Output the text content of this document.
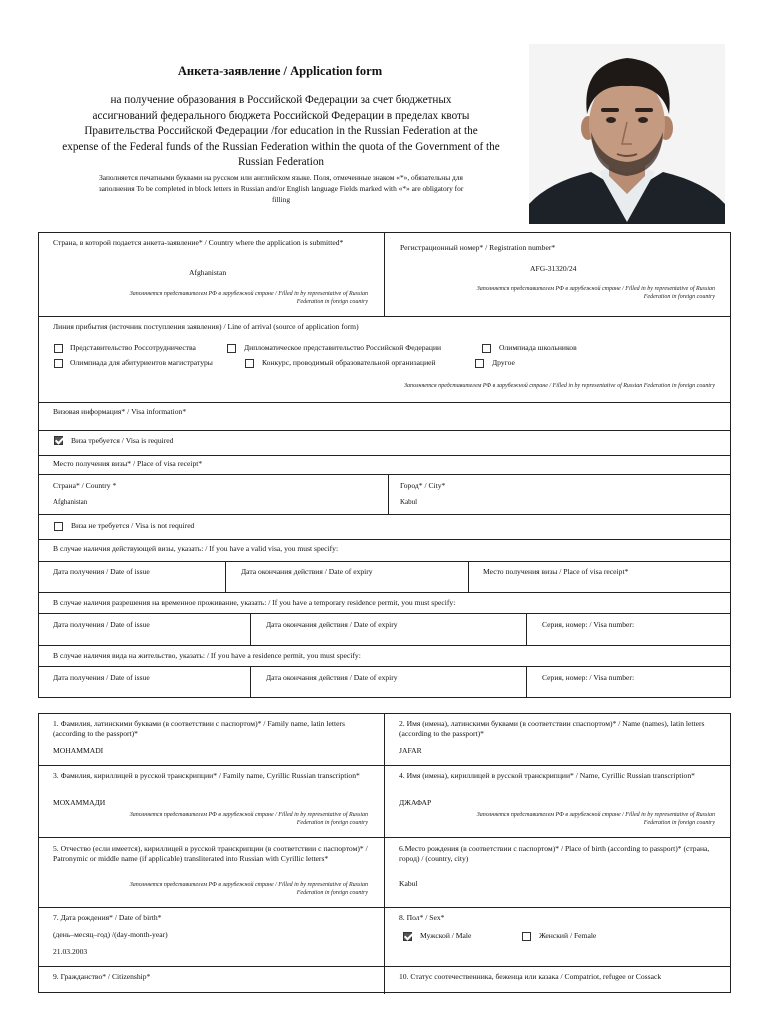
Анкета-заявление / Application form
на получение образования в Российской Федерации за счет бюджетных
ассигнований федерального бюджета Российской Федерации в пределах квоты
Правительства Российской Федерации /for education in the Russian Federation at the
expense of the Federal funds of the Russian Federation within the quota of the Government of the
Russian Federation
Заполняется печатными буквами на русском или английском языке. Поля, отмеченные знаком «*», обязательны для
заполнения To be completed in block letters in Russian and/or English language Fields marked with «*» are obligatory for
filling
Страна, в которой подается анкета-заявление* / Country where the application is submitted*
Afghanistan
Заполняется представителем РФ в зарубежной стране / Filled in by representative of Russian
Federation in foreign country
Регистрационный номер* / Registration number*
AFG-31320/24
Заполняется представителем РФ в зарубежной стране / Filled in by representative of Russian
Federation in foreign country
Линия прибытия (источник поступления заявления) / Line of arrival (source of application form)
Представительство Россотрудничества	Дипломатическое представительство Российской Федерации	Олимпиада школьников
Олимпиада для абитуриентов магистратуры	Конкурс, проводимый образовательной организацией	Другое
Заполняется представителем РФ в зарубежной стране / Filled in by representative of Russian Federation in foreign country
Визовая информация* / Visa information*
Виза требуется / Visa is required
Место получения визы* / Place of visa receipt*
Страна* / Country *
Afghanistan
Город* / City*
Kabul
Виза не требуется / Visa is not required
В случае наличия действующей визы, указать: / If you have a valid visa, you must specify:
Дата получения / Date of issue	Дата окончания действия / Date of expiry	Место получения визы / Place of visa receipt*
В случае наличия разрешения на временное проживание, указать: / If you have a temporary residence permit, you must specify:
Дата получения / Date of issue	Дата окончания действия / Date of expiry	Серия, номер: / Visa number:
В случае наличия вида на жительство, указать: / If you have a residence permit, you must specify:
Дата получения / Date of issue	Дата окончания действия / Date of expiry	Серия, номер: / Visa number:
1. Фамилия, латинскими буквами (в соответствии с паспортом)* / Family name, latin letters (according to the passport)*
MOHAMMADI
2. Имя (имена), латинскими буквами (в соответствии спаспортом)* / Name (names), latin letters (according to the passport)*
JAFAR
3. Фамилия, кириллицей в русской транскрипции* / Family name, Cyrillic Russian transcription*
МОХАММАДИ
Заполняется представителем РФ в зарубежной стране / Filled in by representative of Russian
Federation in foreign country
4. Имя (имена), кириллицей в русской транскрипции* / Name, Cyrillic Russian transcription*
ДЖАФАР
Заполняется представителем РФ в зарубежной стране / Filled in by representative of Russian
Federation in foreign country
5. Отчество (если имеется), кириллицей в русской транскрипции (в соответствии с паспортом)* / Patronymic or middle name (if applicable) transliterated into Russian with Cyrillic letters*
Заполняется представителем РФ в зарубежной стране / Filled in by representative of Russian
Federation in foreign country
6.Место рождения (в соответствии с паспортом)* / Place of birth (according to passport)* (страна, город) / (country, city)
Kabul
7. Дата рождения* / Date of birth*
(день–месяц–год) /(day-month-year)
21.03.2003
8. Пол* / Sex*
Мужской / Male	Женский / Female
9. Гражданство* / Citizenship*	10. Статус соотечественника, беженца или казака / Compatriot, refugee or Cossack
